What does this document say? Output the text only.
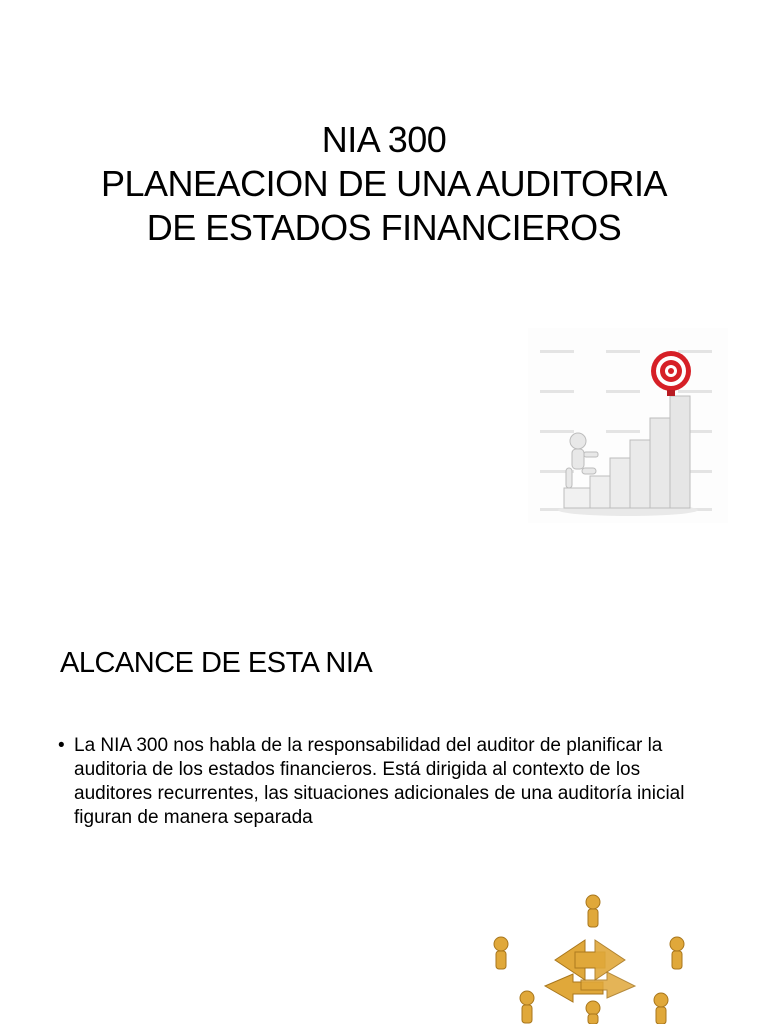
NIA 300
PLANEACION DE UNA AUDITORIA
DE ESTADOS FINANCIEROS
ALCANCE DE ESTA NIA
• La NIA 300 nos habla de la responsabilidad del auditor de planificar la auditoria de los estados financieros. Está dirigida al contexto de los auditores recurrentes, las situaciones adicionales de una auditoría inicial figuran de manera separada
